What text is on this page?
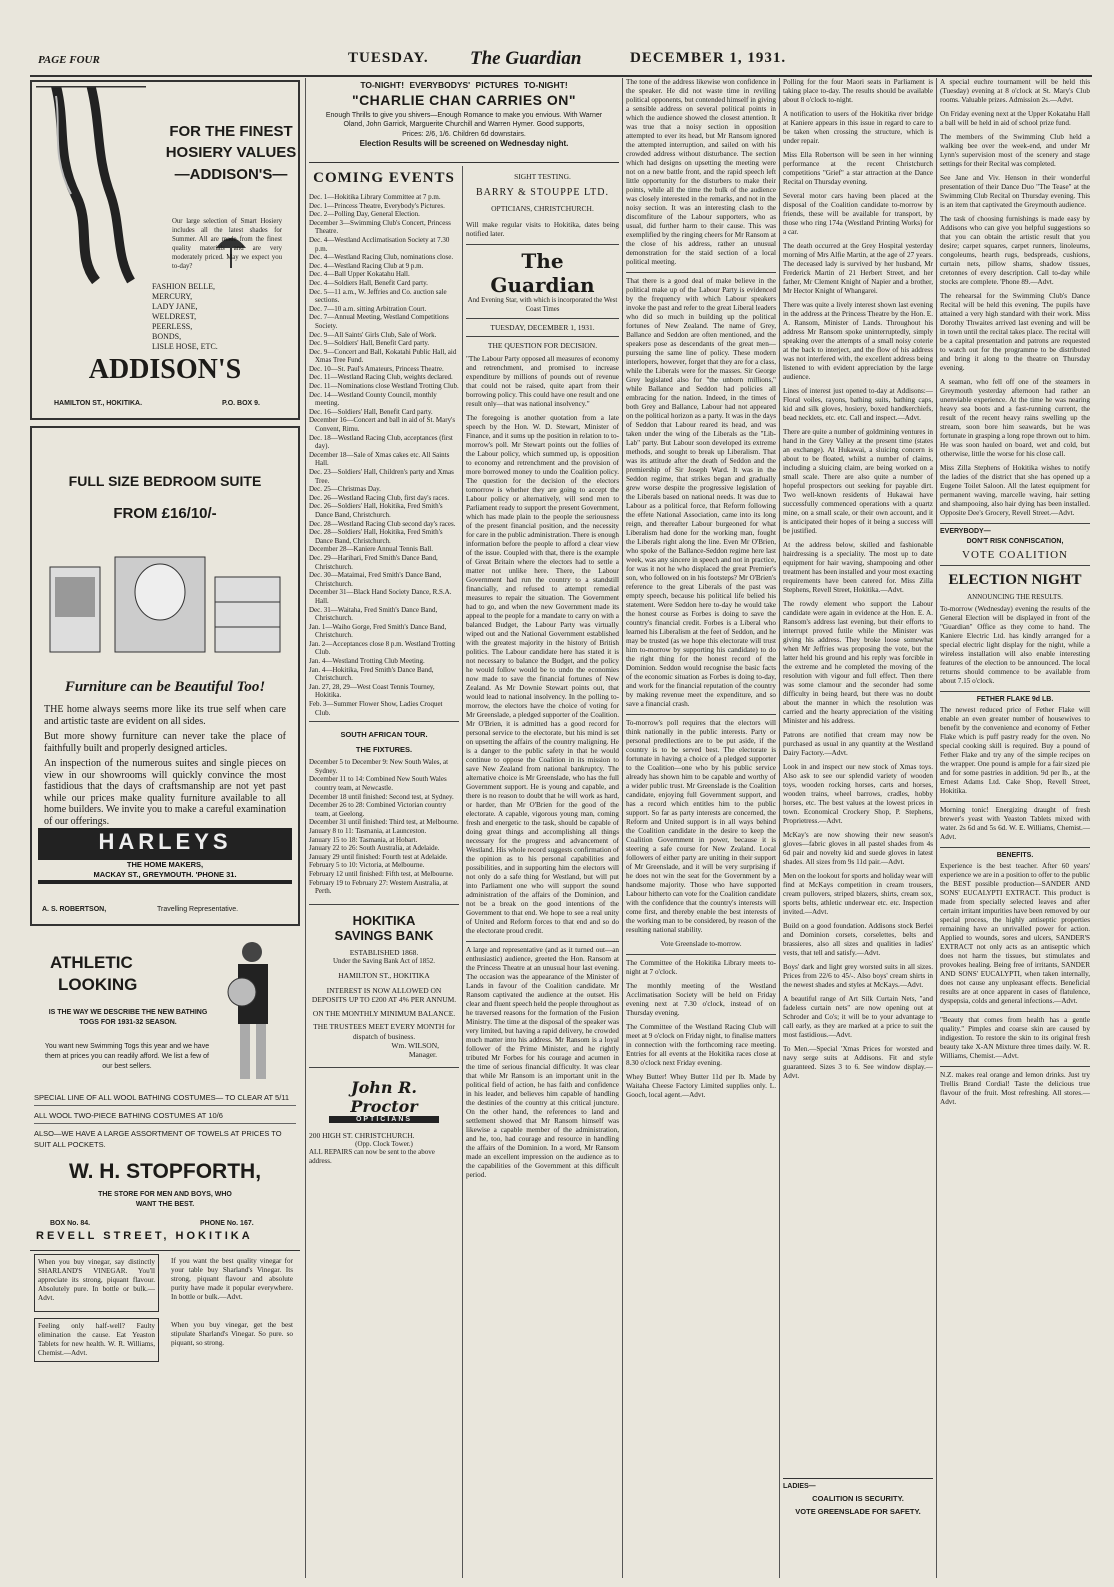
PAGE FOUR	TUESDAY. The Guardian	DECEMBER 1, 1931.
FOR THE FINEST
HOSIERY VALUES
—ADDISON'S—

Our large selection of Smart Hosiery includes all the latest shades for Summer. All are made from the finest quality materials and are very moderately priced. May we expect you to-day?

FASHION BELLE,
MERCURY,
LADY JANE,
WELDREST,
PEERLESS,
BONDS,
LISLE HOSE, ETC.
ADDISON'S
HAMILTON ST., HOKITIKA.	P.O. BOX 9.
FULL SIZE BEDROOM SUITE
FROM £16/10/-
Furniture can be Beautiful Too!

THE home always seems more like its true self when care and artistic taste are evident on all sides.

But more showy furniture can never take the place of faithfully built and properly designed articles.

An inspection of the numerous suites and single pieces on view in our showrooms will quickly convince the most fastidious that the days of craftsmanship are not yet past while our prices make quality furniture available to all home builders. We invite you to make a careful examination of our offerings.

HARLEYS
THE HOME MAKERS,
MACKAY ST., GREYMOUTH. 'PHONE 31.
A. S. ROBERTSON,	Travelling Representative.
ATHLETIC
LOOKING
IS THE WAY WE DESCRIBE THE NEW BATHING TOGS FOR 1931-32 SEASON.
You want new Swimming Togs this year and we have them at prices you can readily afford. We list a few of our best sellers.
SPECIAL LINE OF ALL WOOL BATHING COSTUMES— TO CLEAR AT 5/11
ALL WOOL TWO-PIECE BATHING COSTUMES AT 10/6
ALSO—WE HAVE A LARGE ASSORTMENT OF TOWELS AT PRICES TO SUIT ALL POCKETS.
W. H. STOPFORTH,
THE STORE FOR MEN AND BOYS, WHO WANT THE BEST.
BOX No. 84.	PHONE No. 167.
REVELL STREET, HOKITIKA

When you buy vinegar, say distinctly SHARLAND'S VINEGAR. You'll appreciate its strong, piquant flavour. Absolutely pure. In bottle or bulk.—Advt.

If you want the best quality vinegar for your table buy Sharland's Vinegar. Its strong, piquant flavour and absolute purity have made it popular everywhere. In bottle or bulk.—Advt.

Feeling only half-well? Faulty elimination the cause. Eat Yeaston Tablets for new health. W. R. Williams, Chemist.—Advt.

When you buy vinegar, get the best stipulate Sharland's Vinegar. So pure. so piquant, so strong.

TO-NIGHT! EVERYBODYS' PICTURES TO-NIGHT!
"CHARLIE CHAN CARRIES ON"
Enough Thrills to give you shivers—Enough Romance to make you envious. With Warner Oland, John Garrick, Marguerite Churchill and Warren Hymer. Good supports,
Prices: 2/6, 1/6. Children 6d downstairs.
Election Results will be screened on Wednesday night.
COMING EVENTS

Dec. 1—Hokitika Library Committee at 7 p.m.

Dec. 1—Princess Theatre, Everybody's Pictures.

Dec. 2—Polling Day, General Election.

December 3—Swimming Club's Concert, Princess Theatre.

Dec. 4—Westland Acclimatisation Society at 7.30 p.m.

Dec. 4—Westland Racing Club, nominations close.

Dec. 4—Westland Racing Club at 9 p.m.

Dec. 4—Ball Upper Kokatahu Hall.

Dec. 4—Soldiers Hall, Benefit Card party.

Dec. 5—11 a.m., W. Jeffries and Co. auction sale sections.

Dec. 7—10 a.m. sitting Arbitration Court.

Dec. 7—Annual Meeting, Westland Competitions Society.

Dec. 9—All Saints' Girls Club, Sale of Work.

Dec. 9—Soldiers' Hall, Benefit Card party.

Dec. 9—Concert and Ball, Kokatahi Public Hall, aid Xmas Tree Fund.

Dec. 10—St. Paul's Amateurs, Princess Theatre.

Dec. 11—Westland Racing Club, weights declared.

Dec. 11—Nominations close Westland Trotting Club.

Dec. 14—Westland County Council, monthly meeting.

Dec. 16—Soldiers' Hall, Benefit Card party.

December 16—Concert and ball in aid of St. Mary's Convent, Rimu.

Dec. 18—Westland Racing Club, acceptances (first day).

December 18—Sale of Xmas cakes etc. All Saints Hall.

Dec. 23—Soldiers' Hall, Children's party and Xmas Tree.

Dec. 25—Christmas Day.

Dec. 26—Westland Racing Club, first day's races.

Dec. 26—Soldiers' Hall, Hokitika, Fred Smith's Dance Band, Christchurch.

Dec. 28—Westland Racing Club second day's races.

Dec. 28—Soldiers' Hall, Hokitika, Fred Smith's Dance Band, Christchurch.

December 28—Kaniere Annual Tennis Ball.

Dec. 29—Harihari, Fred Smith's Dance Band, Christchurch.

Dec. 30—Mataimai, Fred Smith's Dance Band, Christchurch.

December 31—Black Hand Society Dance, R.S.A. Hall.

Dec. 31—Waitaha, Fred Smith's Dance Band, Christchurch.

Jan. 1—Waiho Gorge, Fred Smith's Dance Band, Christchurch.

Jan. 2—Acceptances close 8 p.m. Westland Trotting Club.

Jan. 4—Westland Trotting Club Meeting.

Jan. 4—Hokitika, Fred Smith's Dance Band, Christchurch.

Jan. 27, 28, 29—West Coast Tennis Tourney, Hokitika.

Feb. 3—Summer Flower Show, Ladies Croquet Club.

SOUTH AFRICAN TOUR.
THE FIXTURES.

December 5 to December 9: New South Wales, at Sydney.

December 11 to 14: Combined New South Wales country team, at Newcastle.

December 18 until finished: Second test, at Sydney.

December 26 to 28: Combined Victorian country team, at Geelong.

December 31 until finished: Third test, at Melbourne.

January 8 to 11: Tasmania, at Launceston.

January 15 to 18: Tasmania, at Hobart.

January 22 to 26: South Australia, at Adelaide.

January 29 until finished: Fourth test at Adelaide.

February 5 to 10: Victoria, at Melbourne.

February 12 until finished: Fifth test, at Melbourne.

February 19 to February 27: Western Australia, at Perth.

HOKITIKA
SAVINGS BANK
ESTABLISHED 1868.
Under the Saving Bank Act of 1852.
HAMILTON ST., HOKITIKA
INTEREST IS NOW ALLOWED ON DEPOSITS UP TO £200 AT 4% PER ANNUM.
ON THE MONTHLY MINIMUM BALANCE.
THE TRUSTEES MEET EVERY MONTH for dispatch of business.
Wm. WILSON,
Manager.
John R. Proctor
OPTICIANS
200 HIGH ST. CHRISTCHURCH.
(Opp. Clock Tower.)
ALL REPAIRS can now be sent to the above address.
SIGHT TESTING.
BARRY & STOUPPE LTD.
OPTICIANS, CHRISTCHURCH.

Will make regular visits to Hokitika, dates being notified later.

The Guardian
And Evening Star, with which is incorporated the West Coast Times
TUESDAY, DECEMBER 1, 1931.
THE QUESTION FOR DECISION.

"The Labour Party opposed all measures of economy and retrenchment, and promised to increase expenditure by millions of pounds out of revenue that could not be raised, quite apart from their borrowing policy. This could have one result and one result only—that was national insolvency."

The foregoing is another quotation from a late speech by the Hon. W. D. Stewart, Minister of Finance, and it sums up the position in relation to to-morrow's poll. Mr Stewart points out the follies of the Labour policy, which summed up, is opposition to economy and retrenchment and the provision of more borrowed money to undo the Coalition policy. The question for the decision of the electors tomorrow is whether they are going to accept the Labour policy or alternatively, will send men to Parliament ready to support the present Government, which has made plain to the people the seriousness of the present financial position, and the necessity for care in the public administration. There is enough information before the people to afford a clear view of the issue. Coupled with that, there is the example of Great Britain where the electors had to settle a matter not unlike here. There, the Labour Government had run the country to a standstill financially, and refused to attempt remedial measures to repair the situation. The Government had to go, and when the new Government made its appeal to the people for a mandate to carry on with a balanced Budget, the Labour Party was virtually wiped out and the National Government established with the greatest majority in the history of British politics. The Labour candidate here has stated it is not necessary to balance the Budget, and the policy he would follow would be to undo the economies now made to save the financial fortunes of New Zealand. As Mr Downie Stewart points out, that would lead to national insolvency. In the polling to-morrow, the electors have the choice of voting for Mr Greenslade, a pledged supporter of the Coalition. Mr O'Brien, it is admitted has a good record for personal service to the electorate, but his mind is set on upsetting the affairs of the country maligning. He is a danger to the public safety in that he would continue to oppose the Coalition in its mission to save New Zealand from national bankruptcy. The alternative choice is Mr Greenslade, who has the full Government support. He is young and capable, and there is no reason to doubt that he will work as hard, or harder, than Mr O'Brien for the good of the electorate. A capable, vigorous young man, coming fresh and energetic to the task, should be capable of doing great things and accomplishing all things necessary for the progress and advancement of Westland. His whole record suggests confirmation of the opinion as to his personal capabilities and possibilities, and in supporting him the electors will not only do a safe thing for Westland, but will put into Parliament one who will support the sound administration of the affairs of the Dominion, and not be a break on the good intentions of the Government to that end. We hope to see a real unity of United and Reform forces to that end and so do the electorate proud credit.

A large and representative (and as it turned out—an enthusiastic) audience, greeted the Hon. Ransom at the Princess Theatre at an unusual hour last evening. The occasion was the appearance of the Minister of Lands in favour of the Coalition candidate. Mr Ransom captivated the audience at the outset. His clear and fluent speech held the people throughout as he traversed reasons for the formation of the Fusion Ministry. The time at the disposal of the speaker was very limited, but having a rapid delivery, he crowded much matter into his address. Mr Ransom is a loyal follower of the Prime Minister, and he rightly tributed Mr Forbes for his courage and acumen in the time of serious financial difficulty. It was clear that while Mr Ransom is an important unit in the political field of action, he has faith and confidence in his leader, and believes him capable of handling the destinies of the country at this critical juncture. On the other hand, the references to land and settlement showed that Mr Ransom himself was likewise a capable member of the administration, and he, too, had courage and resource in handling the affairs of the Dominion. In a word, Mr Ransom made an excellent impression on the audience as to the capabilities of the Government at this difficult period.

The tone of the address likewise won confidence in the speaker. He did not waste time in reviling political opponents, but contended himself in giving a sensible address on several political points in which the audience showed the closest attention. It was true that a noisy section in opposition attempted to ever its head, but Mr Ransom ignored the attempted interruption, and sailed on with his crowded address without disturbance. The section which had designs on upsetting the meeting were not on a new battle front, and the rapid speech left little opportunity for the disturbers to make their points, while all the time the bulk of the audience was closely interested in the remarks, and not in the noisy section. It was an interesting clash to the discomfiture of the Labour supporters, who as usual, did further harm to their cause. This was exemplified by the ringing cheers for Mr Ransom at the close of his address, rather an unusual demonstration for the staid section of a local political meeting.

That there is a good deal of make believe in the political make up of the Labour Party is evidenced by the frequency with which Labour speakers invoke the past and refer to the great Liberal leaders who did so much in building up the political fortunes of New Zealand. The name of Grey, Ballance and Seddon are often mentioned, and the speakers pose as descendants of the great men—pursuing the same line of policy. These modern interlopers, however, forget that they are for a class, while the Liberals were for the masses. Sir George Grey legislated also for "the unborn millions," while Ballance and Seddon had policies all embracing for the nation. Indeed, in the times of both Grey and Ballance, Labour had not appeared on the political horizon as a party. It was in the days of Seddon that Labour reared its head, and was taken under the wing of the Liberals as the "Lib-Lab" party. But Labour soon developed its extreme methods, and sought to break up Liberalism. That was its attitude after the death of Seddon and the premiership of Sir Joseph Ward. It was in the Seddon regime, that strikes began and gradually grew worse despite the progressive legislation of the Liberals based on national needs. It was due to Labour as a political force, that Reform following the effete National Association, came into its long reign, and thereafter Labour burgeoned for what Liberalism had done for the working man, fought the Liberals right along the line. Even Mr O'Brien, who spoke of the Ballance-Seddon regime here last week, was any sincere in speech and not in practice, for was it not he who displaced the great Premier's son, who followed on in his footsteps? Mr O'Brien's reference to the great Liberals of the past was empty speech, because his political life belied his statement. Were Seddon here to-day he would take the honest course as Forbes is doing to save the country's financial credit. Forbes is a Liberal who learned his Liberalism at the feet of Seddon, and he may be trusted (as we hope this electorate will trust him to-morrow by supporting his candidate) to do the right thing for the honest record of the Dominion. Seddon would recognise the basic facts of the economic situation as Forbes is doing to-day, and work for the financial reputation of the country by making revenue meet the expenditure, and so save a financial crash.

To-morrow's poll requires that the electors will think nationally in the public interests. Party or personal predilections are to be put aside, if the country is to be served best. The electorate is fortunate in having a choice of a pledged supporter to the Coalition—one who by his public service already has shown him to be capable and worthy of a wider public trust. Mr Greenslade is the Coalition candidate, enjoying full Government support, and has a record which entitles him to the public support. So far as party interests are concerned, the Reform and United support is in all ways behind the Coalition candidate in the desire to keep the Coalition Government in power, because it is steering a safe course for New Zealand. Local followers of either party are uniting in their support of Mr Greenslade, and it will be very surprising if he does not win the seat for the Government by a handsome majority. Those who have supported Labour hitherto can vote for the Coalition candidate with the confidence that the country's interests will come first, and thereby enable the best interests of the working man to be considered, by reason of the resulting national stability.

Vote Greenslade to-morrow.

The Committee of the Hokitika Library meets to-night at 7 o'clock.

The monthly meeting of the Westland Acclimatisation Society will be held on Friday evening next at 7.30 o'clock, instead of on Thursday evening.

The Committee of the Westland Racing Club will meet at 9 o'clock on Friday night, to finalise matters in connection with the forthcoming race meeting. Entries for all events at the Hokitika races close at 8.30 o'clock next Friday evening.

Whey Butter! Whey Butter 11d per lb. Made by Waitaha Cheese Factory Limited supplies only. L. Gooch, local agent.—Advt.

Polling for the four Maori seats in Parliament is taking place to-day. The results should be available about 8 o'clock to-night.

A notification to users of the Hokitika river bridge at Kaniere appears in this issue in regard to care to be taken when crossing the structure, which is under repair.

Miss Ella Robertson will be seen in her winning performance at the recent Christchurch competitions "Grief" a star attraction at the Dance Recital on Thursday evening.

Several motor cars having been placed at the disposal of the Coalition candidate to-morrow by friends, these will be available for transport, by those who ring 174a (Westland Printing Works) for a car.

The death occurred at the Grey Hospital yesterday morning of Mrs Alfie Martin, at the age of 27 years. The deceased lady is survived by her husband, Mr Frederick Martin of 21 Herbert Street, and her father, Mr Clement Knight of Napier and a brother, Mr Hector Knight of Whangarei.

There was quite a lively interest shown last evening in the address at the Princess Theatre by the Hon. E. A. Ransom, Minister of Lands. Throughout his address Mr Ransom spoke uninterruptedly, simply speaking over the attempts of a small noisy coterie at the back to interject, and the flow of his address was not interfered with, the excellent address being listened to with evident appreciation by the large audience.

Lines of interest just opened to-day at Addisons:—Floral voiles, rayons, bathing suits, bathing caps, kid and silk gloves, hosiery, boxed handkerchiefs, bead necklets, etc. etc. Call and inspect.—Advt.

There are quite a number of goldmining ventures in hand in the Grey Valley at the present time (states an exchange). At Hukawai, a sluicing concern is about to be floated, whilst a number of claims, including a sluicing claim, are being worked on a small scale. There are also quite a number of hopeful prospectors out seeking for payable dirt. Two well-known residents of Hukawai have successfully commenced operations with a quartz mine, on a small scale, or their own account, and it is anticipated their hopes of it being a success will be justified.

At the address below, skilled and fashionable hairdressing is a speciality. The most up to date equipment for hair waving, shampooing and other treatment has been installed and your most exacting requirements have been catered for. Miss Zilla Stephens, Revell Street, Hokitika.—Advt.

The rowdy element who support the Labour candidate were again in evidence at the Hon. E. A. Ransom's address last evening, but their efforts to interrupt proved futile while the Minister was giving his address. They broke loose somewhat when Mr Jeffries was proposing the vote, but the latter held his ground and his reply was forcible in the extreme and he completed the moving of the resolution with vigour and full effect. Then there was some clamour and the seconder had some difficulty in being heard, but there was no doubt about the manner in which the resolution was carried and the hearty appreciation of the visiting Minister and his address.

Patrons are notified that cream may now be purchased as usual in any quantity at the Westland Dairy Factory.—Advt.

Look in and inspect our new stock of Xmas toys. Also ask to see our splendid variety of wooden toys, wooden rocking horses, carts and horses, wooden trains, wheel barrows, cradles, hobby horses, etc. The best values at the lowest prices in town. Economical Crockery Shop, P. Stephens, Proprietress.—Advt.

McKay's are now showing their new season's gloves—fabric gloves in all pastel shades from 4s 6d pair and novelty kid and suede gloves in latest shades. All sizes from 9s 11d pair.—Advt.

Men on the lookout for sports and holiday wear will find at McKays competition in cream trousers, cream pullovers, striped blazers, shirts, cream sox, sports belts, athletic underwear etc. etc. Inspection invited.—Advt.

Build on a good foundation. Addisons stock Berlei and Dominion corsets, corselettes, belts and brassieres, also all sizes and qualities in ladies' vests, that tell and satisfy.—Advt.

Boys' dark and light grey worsted suits in all sizes. Prices from 22/6 to 45/-. Also boys' cream shirts in the newest shades and styles at McKays.—Advt.

A beautiful range of Art Silk Curtain Nets, "and fadeless curtain nets" are now opening out at Schroder and Co's; it will be to your advantage to call early, as they are marked at a price to suit the most fastidious.—Advt.

To Men.—Special 'Xmas Prices for worsted and navy serge suits at Addisons. Fit and style guaranteed. Sizes 3 to 6. See window display.—Advt.

LADIES—
COALITION IS SECURITY.
VOTE GREENSLADE FOR SAFETY.

A special euchre tournament will be held this (Tuesday) evening at 8 o'clock at St. Mary's Club rooms. Valuable prizes. Admission 2s.—Advt.

On Friday evening next at the Upper Kokatahu Hall a ball will be held in aid of school prize fund.

The members of the Swimming Club held a walking bee over the week-end, and under Mr Lynn's supervision most of the scenery and stage settings for their Recital was completed.

See Jane and Viv. Henson in their wonderful presentation of their Dance Duo "The Tease" at the Swimming Club Recital on Thursday evening. This is an item that captivated the Greymouth audience.

The task of choosing furnishings is made easy by Addisons who can give you helpful suggestions so that you can obtain the artistic result that you desire; carpet squares, carpet runners, linoleums, congoleums, hearth rugs, bedspreads, cushions, curtain nets, pillow shams, shadow tissues, cretonnes of every description. Call to-day while stocks are complete. 'Phone 89.—Advt.

The rehearsal for the Swimming Club's Dance Recital will be held this evening. The pupils have attained a very high standard with their work. Miss Dorothy Thwaites arrived last evening and will be in town until the recital takes place. The recital will be a capital presentation and patrons are requested to watch out for the programme to be distributed and bring it along to the theatre on Thursday evening.

A seaman, who fell off one of the steamers in Greymouth yesterday afternoon had rather an unenviable experience. At the time he was nearing heavy sea boots and a fast-running current, the result of the recent heavy rains swelling up the stream, soon bore him seawards, but he was fortunate in grasping a long rope thrown out to him. He was soon hauled on board, wet and cold, but otherwise, little the worse for his close call.

Miss Zilla Stephens of Hokitika wishes to notify the ladies of the district that she has opened up a Eugene Toilet Saloon. All the latest equipment for permanent waving, marcelle waving, hair setting and shampooing, also hair dying has been installed. Opposite Dee's Grocery, Revell Street.—Advt.

EVERYBODY—
DON'T RISK CONFISCATION,
VOTE COALITION
ELECTION NIGHT
ANNOUNCING THE RESULTS.

To-morrow (Wednesday) evening the results of the General Election will be displayed in front of the "Guardian" Office as they come to hand. The Kaniere Electric Ltd. has kindly arranged for a special electric light display for the night, while a wireless installation will also enable interesting features of the election to be announced. The local returns should commence to be available from about 7.15 o'clock.

FETHER FLAKE 9d LB.

The newest reduced price of Fether Flake will enable an even greater number of housewives to benefit by the convenience and economy of Fether Flake which is puff pastry ready for the oven. No special cooking skill is required. Buy a pound of Fether Flake and try any of the simple recipes on the wrapper. One pound is ample for a fair sized pie and for some pastries in addition. 9d per lb., at the Ernest Adams Ltd. Cake Shop, Revell Street, Hokitika.

Morning tonic! Energizing draught of fresh brewer's yeast with Yeaston Tablets mixed with water. 2s 6d and 5s 6d. W. E. Williams, Chemist.—Advt.

BENEFITS.

Experience is the best teacher. After 60 years' experience we are in a position to offer to the public the BEST possible production—SANDER AND SONS' EUCALYPTI EXTRACT. This product is made from specially selected leaves and after certain irritant impurities have been removed by our special process, the highly antiseptic properties remaining have an unrivalled power for action. Applied to wounds, sores and ulcers, SANDER'S EXTRACT not only acts as an antiseptic which does not harm the tissues, but stimulates and provokes healing. Being free of irritants, SANDER AND SONS' EUCALYPTI, when taken internally, does not cause any unpleasant effects. Beneficial results are at once apparent in cases of flatulence, dyspepsia, colds and general infections.—Advt.

"Beauty that comes from health has a gentle quality." Pimples and coarse skin are caused by indigestion. To restore the skin to its original fresh beauty take X-AN Mixture three times daily. W. R. Williams, Chemist.—Advt.

N.Z. makes real orange and lemon drinks. Just try Trellis Brand Cordial! Taste the delicious true flavour of the fruit. Most refreshing. All stores.—Advt.
